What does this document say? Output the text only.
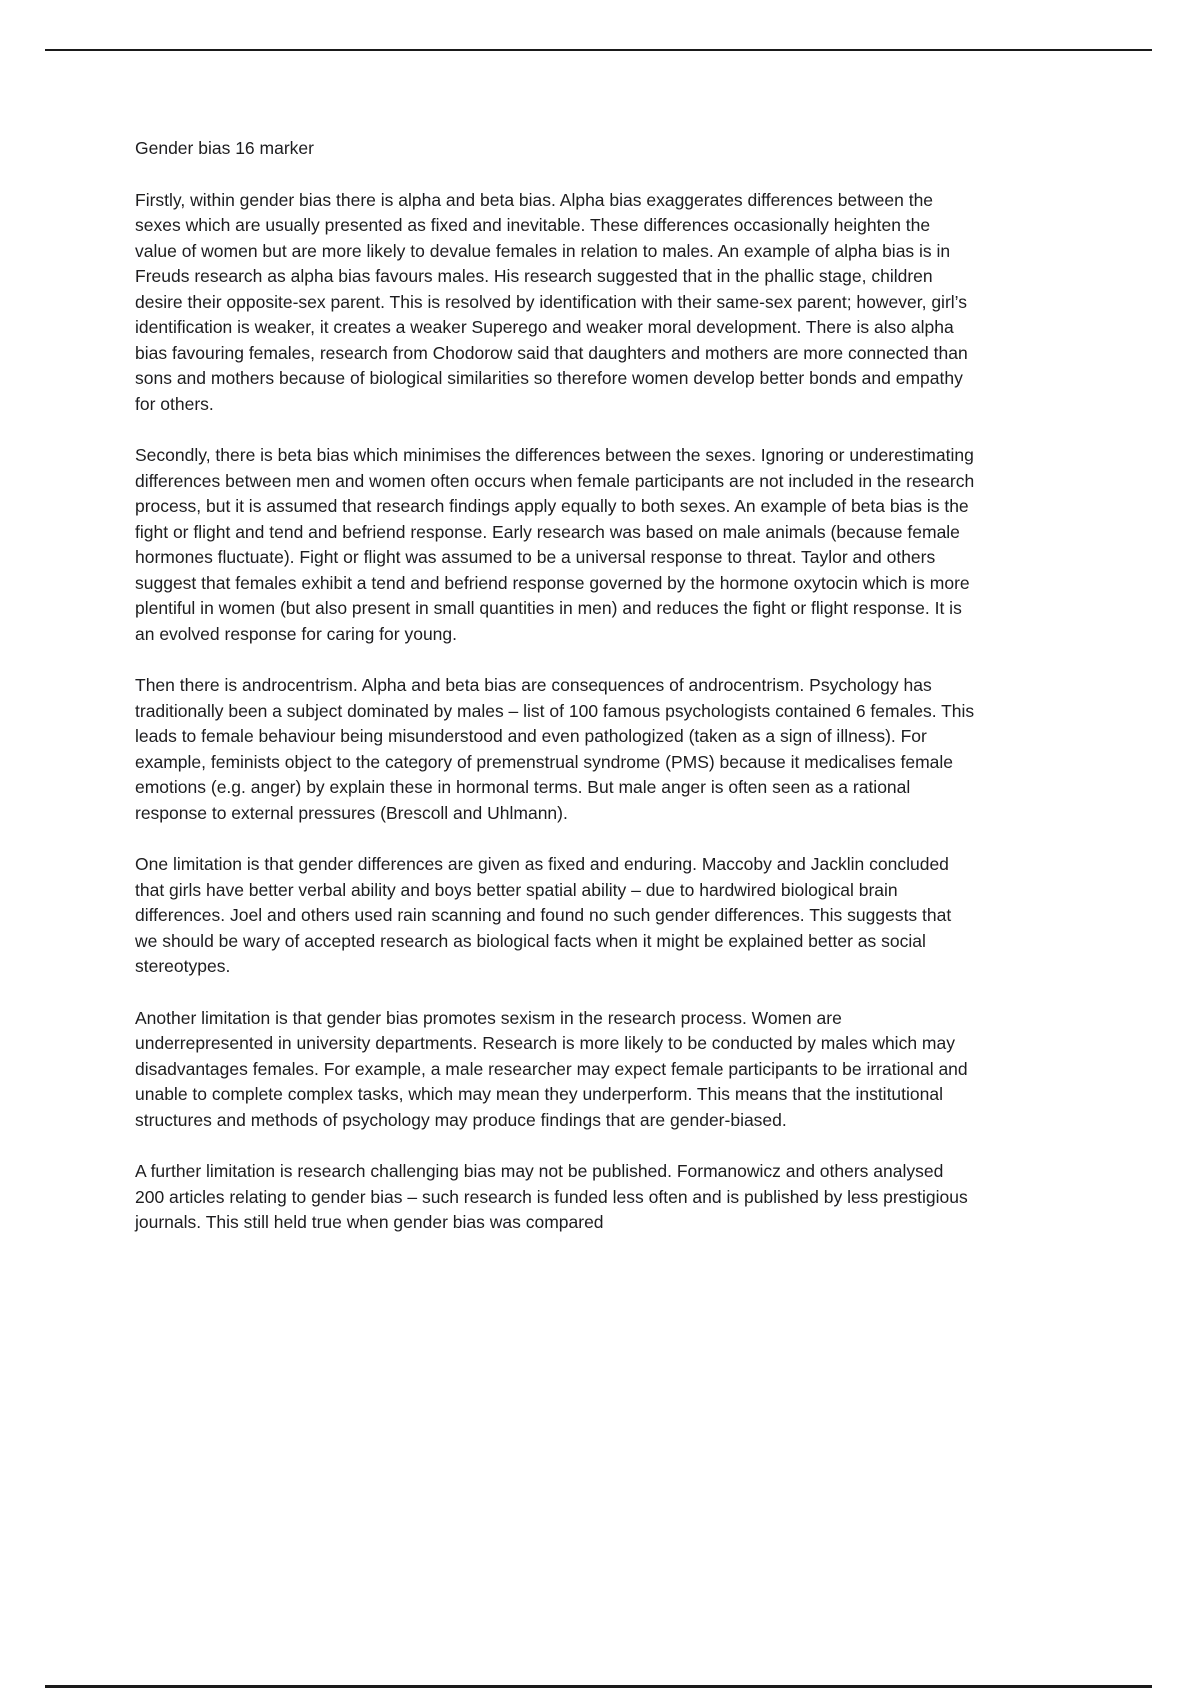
Gender bias 16 marker

Firstly, within gender bias there is alpha and beta bias. Alpha bias exaggerates differences between the sexes which are usually presented as fixed and inevitable. These differences occasionally heighten the value of women but are more likely to devalue females in relation to males. An example of alpha bias is in Freuds research as alpha bias favours males. His research suggested that in the phallic stage, children desire their opposite-sex parent. This is resolved by identification with their same-sex parent; however, girl’s identification is weaker, it creates a weaker Superego and weaker moral development. There is also alpha bias favouring females, research from Chodorow said that daughters and mothers are more connected than sons and mothers because of biological similarities so therefore women develop better bonds and empathy for others.

Secondly, there is beta bias which minimises the differences between the sexes. Ignoring or underestimating differences between men and women often occurs when female participants are not included in the research process, but it is assumed that research findings apply equally to both sexes. An example of beta bias is the fight or flight and tend and befriend response. Early research was based on male animals (because female hormones fluctuate). Fight or flight was assumed to be a universal response to threat. Taylor and others suggest that females exhibit a tend and befriend response governed by the hormone oxytocin which is more plentiful in women (but also present in small quantities in men) and reduces the fight or flight response. It is an evolved response for caring for young.

Then there is androcentrism. Alpha and beta bias are consequences of androcentrism. Psychology has traditionally been a subject dominated by males – list of 100 famous psychologists contained 6 females. This leads to female behaviour being misunderstood and even pathologized (taken as a sign of illness). For example, feminists object to the category of premenstrual syndrome (PMS) because it medicalises female emotions (e.g. anger) by explain these in hormonal terms. But male anger is often seen as a rational response to external pressures (Brescoll and Uhlmann).

One limitation is that gender differences are given as fixed and enduring. Maccoby and Jacklin concluded that girls have better verbal ability and boys better spatial ability – due to hardwired biological brain differences. Joel and others used rain scanning and found no such gender differences. This suggests that we should be wary of accepted research as biological facts when it might be explained better as social stereotypes.

Another limitation is that gender bias promotes sexism in the research process. Women are underrepresented in university departments. Research is more likely to be conducted by males which may disadvantages females. For example, a male researcher may expect female participants to be irrational and unable to complete complex tasks, which may mean they underperform. This means that the institutional structures and methods of psychology may produce findings that are gender-biased.

A further limitation is research challenging bias may not be published. Formanowicz and others analysed 200 articles relating to gender bias – such research is funded less often and is published by less prestigious journals. This still held true when gender bias was compared
